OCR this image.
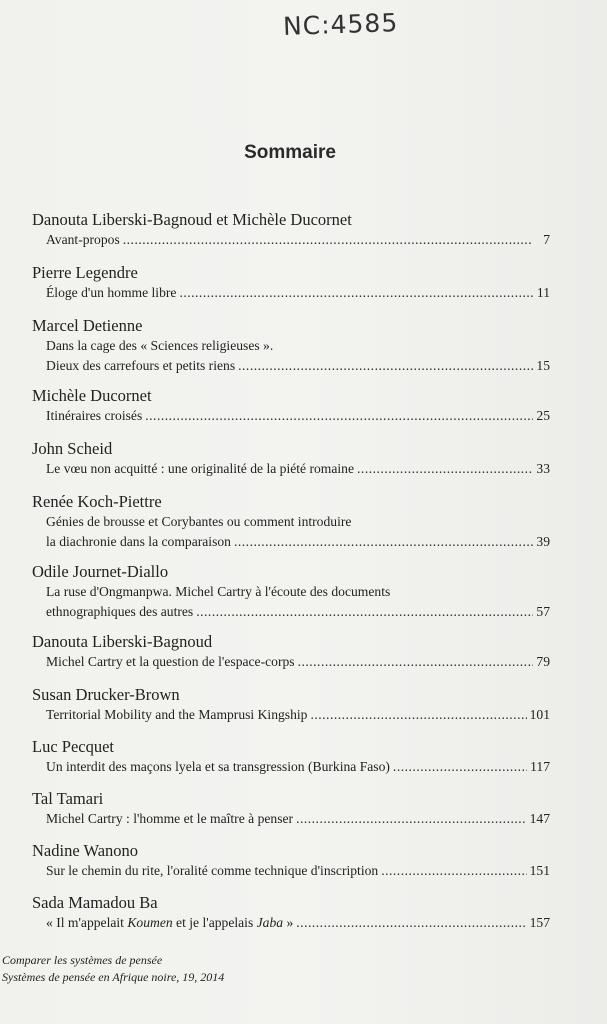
NC:4585
Sommaire
Danouta Liberski-Bagnoud et Michèle Ducornet
Avant-propos .....	7
Pierre Legendre
Éloge d'un homme libre .....	11
Marcel Detienne
Dans la cage des « Sciences religieuses ».
Dieux des carrefours et petits riens .....	15
Michèle Ducornet
Itinéraires croisés .....	25
John Scheid
Le vœu non acquitté : une originalité de la piété romaine .....	33
Renée Koch-Piettre
Génies de brousse et Corybantes ou comment introduire
la diachronie dans la comparaison .....	39
Odile Journet-Diallo
La ruse d'Ongmanpwa. Michel Cartry à l'écoute des documents
ethnographiques des autres .....	57
Danouta Liberski-Bagnoud
Michel Cartry et la question de l'espace-corps .....	79
Susan Drucker-Brown
Territorial Mobility and the Mamprusi Kingship .....	101
Luc Pecquet
Un interdit des maçons lyela et sa transgression (Burkina Faso) .....	117
Tal Tamari
Michel Cartry : l'homme et le maître à penser .....	147
Nadine Wanono
Sur le chemin du rite, l'oralité comme technique d'inscription .....	151
Sada Mamadou Ba
« Il m'appelait Koumen et je l'appelais Jaba » .....	157
Comparer les systèmes de pensée
Systèmes de pensée en Afrique noire, 19, 2014
